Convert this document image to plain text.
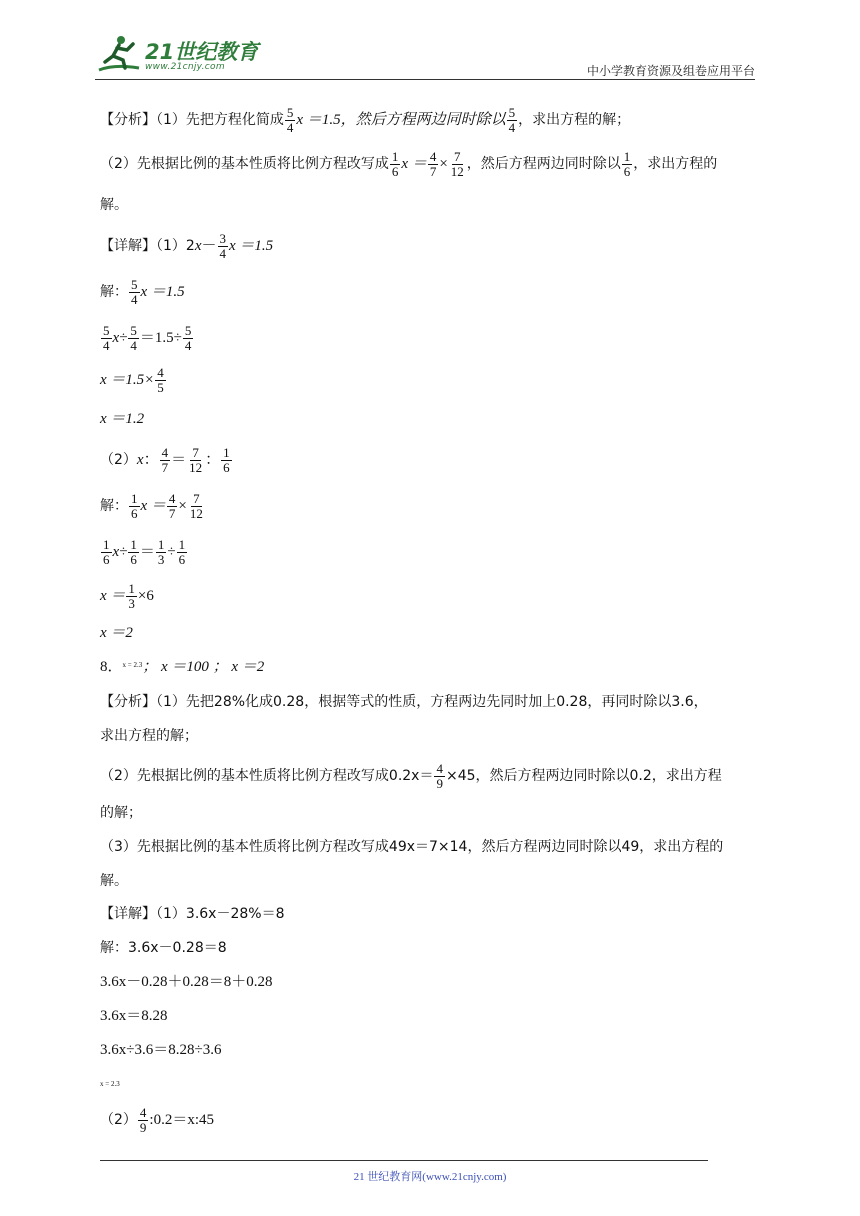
21世纪教育
www.21cnjy.com	中小学教育资源及组卷应用平台
【分析】（1）先把方程化简成 $\frac{5}{4}$ x ＝1.5，然后方程两边同时除以 $\frac{5}{4}$ ，求出方程的解；
（2）先根据比例的基本性质将比例方程改写成 $\frac{1}{6}$ $x = \frac{4}{7} \times \frac{7}{12}$ ，然后方程两边同时除以 $\frac{1}{6}$ ，求出方程的
解。
【详解】$(1)2x- \frac{3}{4}$ x ＝1.5
解： $\frac{5}{4}$ x ＝1.5
$\frac{5}{4} x\div \frac{5}{4} =1.5\div \frac{5}{4}$
$x =1.5\times \frac{4}{5}$
x ＝1.2
（2）x： $\frac{4}{7} = \frac{7}{12}$ ： $\frac{1}{6}$
解： $\frac{1}{6}$ $x = \frac{4}{7} \times \frac{7}{12}$
$\frac{1}{6} x\div \frac{1}{6} = \frac{1}{3} \div \frac{1}{6}$
$x = \frac{1}{3} \times 6$
x ＝2
8．$^{x = 2.3}$； x ＝100 ； x ＝2
【分析】（1）先把28%化成0.28，根据等式的性质，方程两边先同时加上0.28，再同时除以3.6，
求出方程的解；
（2）先根据比例的基本性质将比例方程改写成$0.2x= \frac{4}{9} \times 45$，然后方程两边同时除以0.2，求出方程
的解；
（3）先根据比例的基本性质将比例方程改写成49x＝7×14，然后方程两边同时除以49，求出方程的
解。
【详解】（1）3.6x－28%＝8
解：3.6x－0.28＝8
3.6x－0.28＋0.28＝8＋0.28
3.6x＝8.28
3.6x÷3.6＝8.28÷3.6
x = 2.3
$(2) \frac{4}{9}$ :0.2＝x:45
21 世纪教育网(www.21cnjy.com)
